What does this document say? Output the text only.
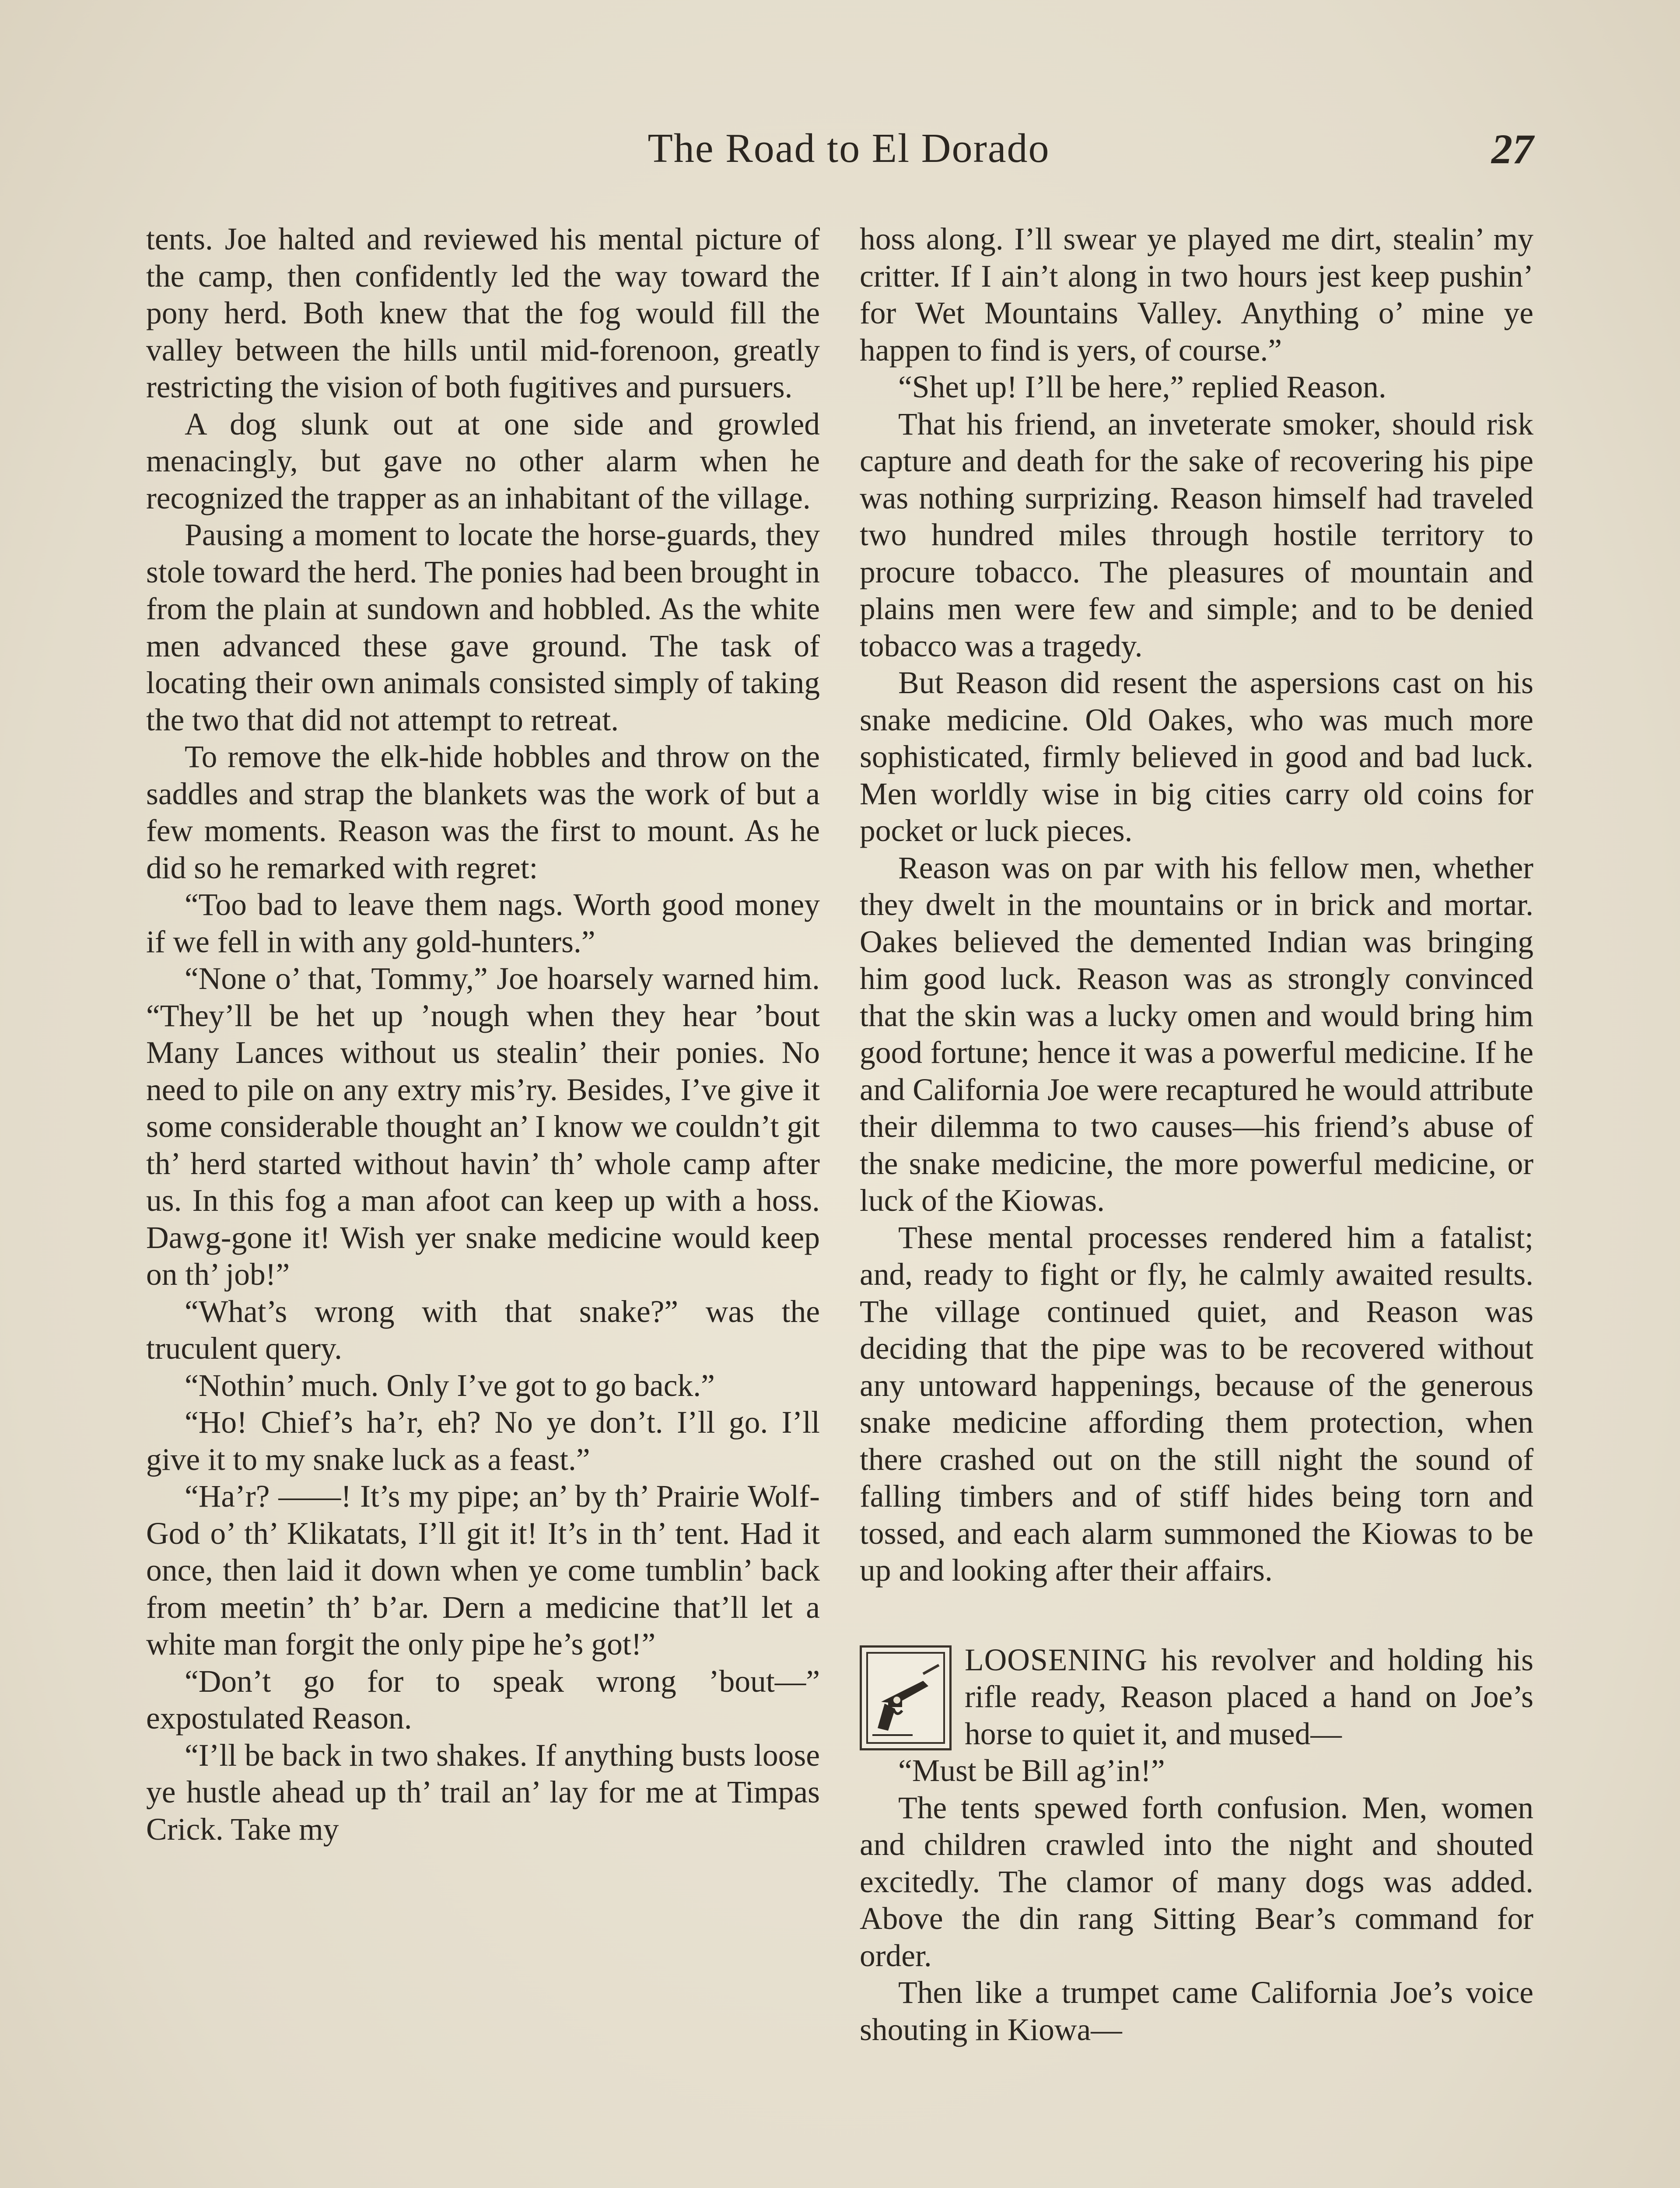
The Road to El Dorado	27

tents. Joe halted and reviewed his mental picture of the camp, then confidently led the way toward the pony herd. Both knew that the fog would fill the valley between the hills until mid-forenoon, greatly restricting the vision of both fugitives and pursuers.

A dog slunk out at one side and growled menacingly, but gave no other alarm when he recognized the trapper as an inhabitant of the village.

Pausing a moment to locate the horse-guards, they stole toward the herd. The ponies had been brought in from the plain at sundown and hobbled. As the white men advanced these gave ground. The task of locating their own animals consisted simply of taking the two that did not attempt to retreat.

To remove the elk-hide hobbles and throw on the saddles and strap the blankets was the work of but a few moments. Reason was the first to mount. As he did so he remarked with regret:

“Too bad to leave them nags. Worth good money if we fell in with any gold-hunters.”

“None o’ that, Tommy,” Joe hoarsely warned him. “They’ll be het up ’nough when they hear ’bout Many Lances without us stealin’ their ponies. No need to pile on any extry mis’ry. Besides, I’ve give it some considerable thought an’ I know we couldn’t git th’ herd started without havin’ th’ whole camp after us. In this fog a man afoot can keep up with a hoss. Dawg-gone it! Wish yer snake medicine would keep on th’ job!”

“What’s wrong with that snake?” was the truculent query.

“Nothin’ much. Only I’ve got to go back.”

“Ho! Chief’s ha’r, eh? No ye don’t. I’ll go. I’ll give it to my snake luck as a feast.”

“Ha’r? ——! It’s my pipe; an’ by th’ Prairie Wolf-God o’ th’ Klikatats, I’ll git it! It’s in th’ tent. Had it once, then laid it down when ye come tumblin’ back from meetin’ th’ b’ar. Dern a medicine that’ll let a white man forgit the only pipe he’s got!”

“Don’t go for to speak wrong ’bout—” expostulated Reason.

“I’ll be back in two shakes. If anything busts loose ye hustle ahead up th’ trail an’ lay for me at Timpas Crick. Take my

hoss along. I’ll swear ye played me dirt, stealin’ my critter. If I ain’t along in two hours jest keep pushin’ for Wet Mountains Valley. Anything o’ mine ye happen to find is yers, of course.”

“Shet up! I’ll be here,” replied Reason.

That his friend, an inveterate smoker, should risk capture and death for the sake of recovering his pipe was nothing surprizing. Reason himself had traveled two hundred miles through hostile territory to procure tobacco. The pleasures of mountain and plains men were few and simple; and to be denied tobacco was a tragedy.

But Reason did resent the aspersions cast on his snake medicine. Old Oakes, who was much more sophisticated, firmly believed in good and bad luck. Men worldly wise in big cities carry old coins for pocket or luck pieces.

Reason was on par with his fellow men, whether they dwelt in the mountains or in brick and mortar. Oakes believed the demented Indian was bringing him good luck. Reason was as strongly convinced that the skin was a lucky omen and would bring him good fortune; hence it was a powerful medicine. If he and California Joe were recaptured he would attribute their dilemma to two causes—his friend’s abuse of the snake medicine, the more powerful medicine, or luck of the Kiowas.

These mental processes rendered him a fatalist; and, ready to fight or fly, he calmly awaited results. The village continued quiet, and Reason was deciding that the pipe was to be recovered without any untoward happenings, because of the generous snake medicine affording them protection, when there crashed out on the still night the sound of falling timbers and of stiff hides being torn and tossed, and each alarm summoned the Kiowas to be up and looking after their affairs.

LOOSENING his revolver and holding his rifle ready, Reason placed a hand on Joe’s horse to quiet it, and mused—

“Must be Bill ag’in!”

The tents spewed forth confusion. Men, women and children crawled into the night and shouted excitedly. The clamor of many dogs was added. Above the din rang Sitting Bear’s command for order.

Then like a trumpet came California Joe’s voice shouting in Kiowa—
